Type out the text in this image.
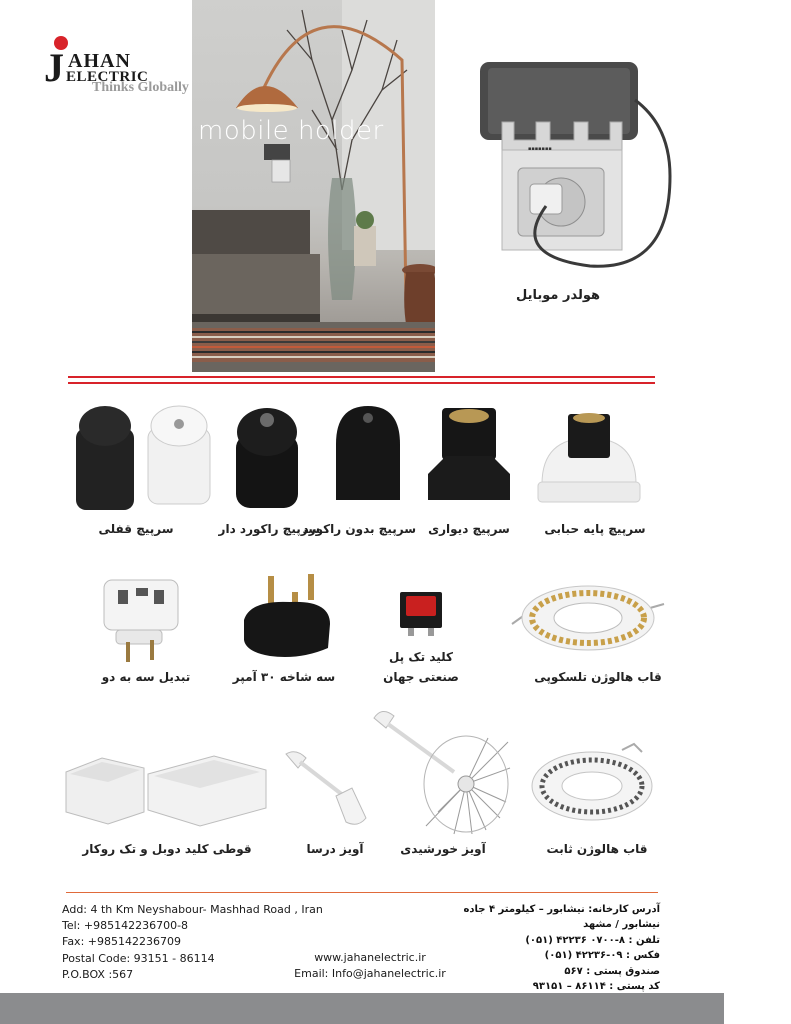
J AHAN
ELECTRIC
Thinks Globally
mobile holder
▪▪▪▪▪▪▪
هولدر موبایل
سرپیچ قفلی	سرپیچ راکورد دار
سرپیچ بدون راکورد	سرپیچ دیواری	سرپیچ پایه حبابی
تبدیل سه به دو	سه شاخه ۳۰ آمپر
کلید تک پل
صنعتی جهان	قاب هالوژن تلسکوپی
قوطی کلید دوبل و تک روکار	آویز درسا	آویز خورشیدی	قاب هالوژن ثابت
Add: 4 th Km Neyshabour- Mashhad Road , Iran
Tel: +985142236700-8
Fax: +985142236709
Postal Code: 93151 - 86114
P.O.BOX :567
www.jahanelectric.ir
Email: Info@jahanelectric.ir
آدرس کارخانه: نیشابور – کیلومتر ۴ جاده نیشابور / مشهد
تلفن : ۸-۰۷۰۰ ۴۲۲۳۶ (۰۵۱)
فکس : ۰۹-۴۲۲۳۶ (۰۵۱)
صندوق پستی : ۵۶۷
کد پستی : ۸۶۱۱۴ – ۹۳۱۵۱
